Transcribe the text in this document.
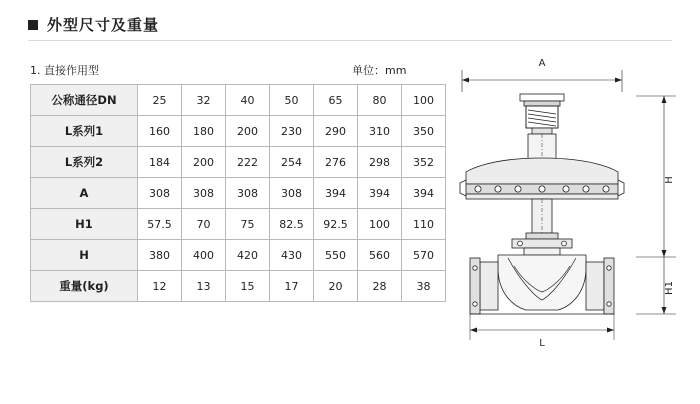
外型尺寸及重量
1. 直接作用型	单位：mm
公称通径DN	25	32	40	50	65	80	100
L系列1	160	180	200	230	290	310	350
L系列2	184	200	222	254	276	298	352
A	308	308	308	308	394	394	394
H1	57.5	70	75	82.5	92.5	100	110
H	380	400	420	430	550	560	570
重量(kg)	12	13	15	17	20	28	38
A
H
H1
L
